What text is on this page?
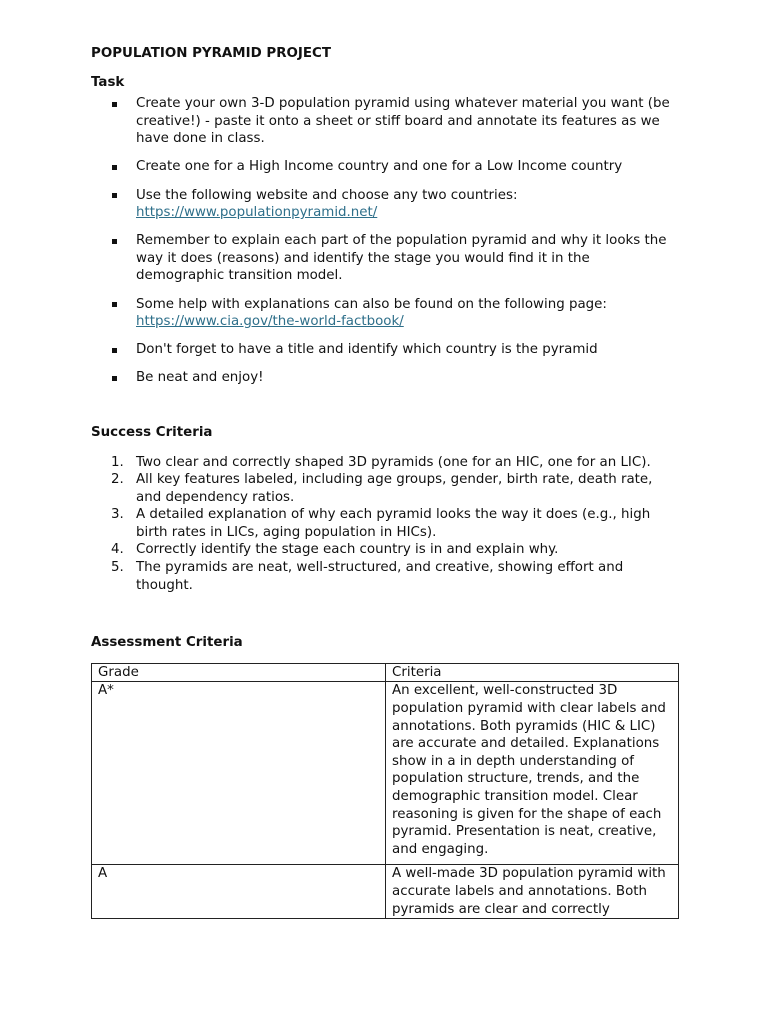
POPULATION PYRAMID PROJECT

Task

Create your own 3-D population pyramid using whatever material you want (be creative!) - paste it onto a sheet or stiff board and annotate its features as we have done in class.
Create one for a High Income country and one for a Low Income country
Use the following website and choose any two countries: https://www.populationpyramid.net/
Remember to explain each part of the population pyramid and why it looks the way it does (reasons) and identify the stage you would find it in the demographic transition model.
Some help with explanations can also be found on the following page: https://www.cia.gov/the-world-factbook/
Don't forget to have a title and identify which country is the pyramid
Be neat and enjoy!

Success Criteria

1. Two clear and correctly shaped 3D pyramids (one for an HIC, one for an LIC).
2. All key features labeled, including age groups, gender, birth rate, death rate, and dependency ratios.
3. A detailed explanation of why each pyramid looks the way it does (e.g., high birth rates in LICs, aging population in HICs).
4. Correctly identify the stage each country is in and explain why.
5. The pyramids are neat, well-structured, and creative, showing effort and thought.

Assessment Criteria

Grade	Criteria
A*	An excellent, well-constructed 3D population pyramid with clear labels and annotations. Both pyramids (HIC & LIC) are accurate and detailed. Explanations show in a in depth understanding of population structure, trends, and the demographic transition model. Clear reasoning is given for the shape of each pyramid. Presentation is neat, creative, and engaging.
A	A well-made 3D population pyramid with accurate labels and annotations. Both pyramids are clear and correctly
